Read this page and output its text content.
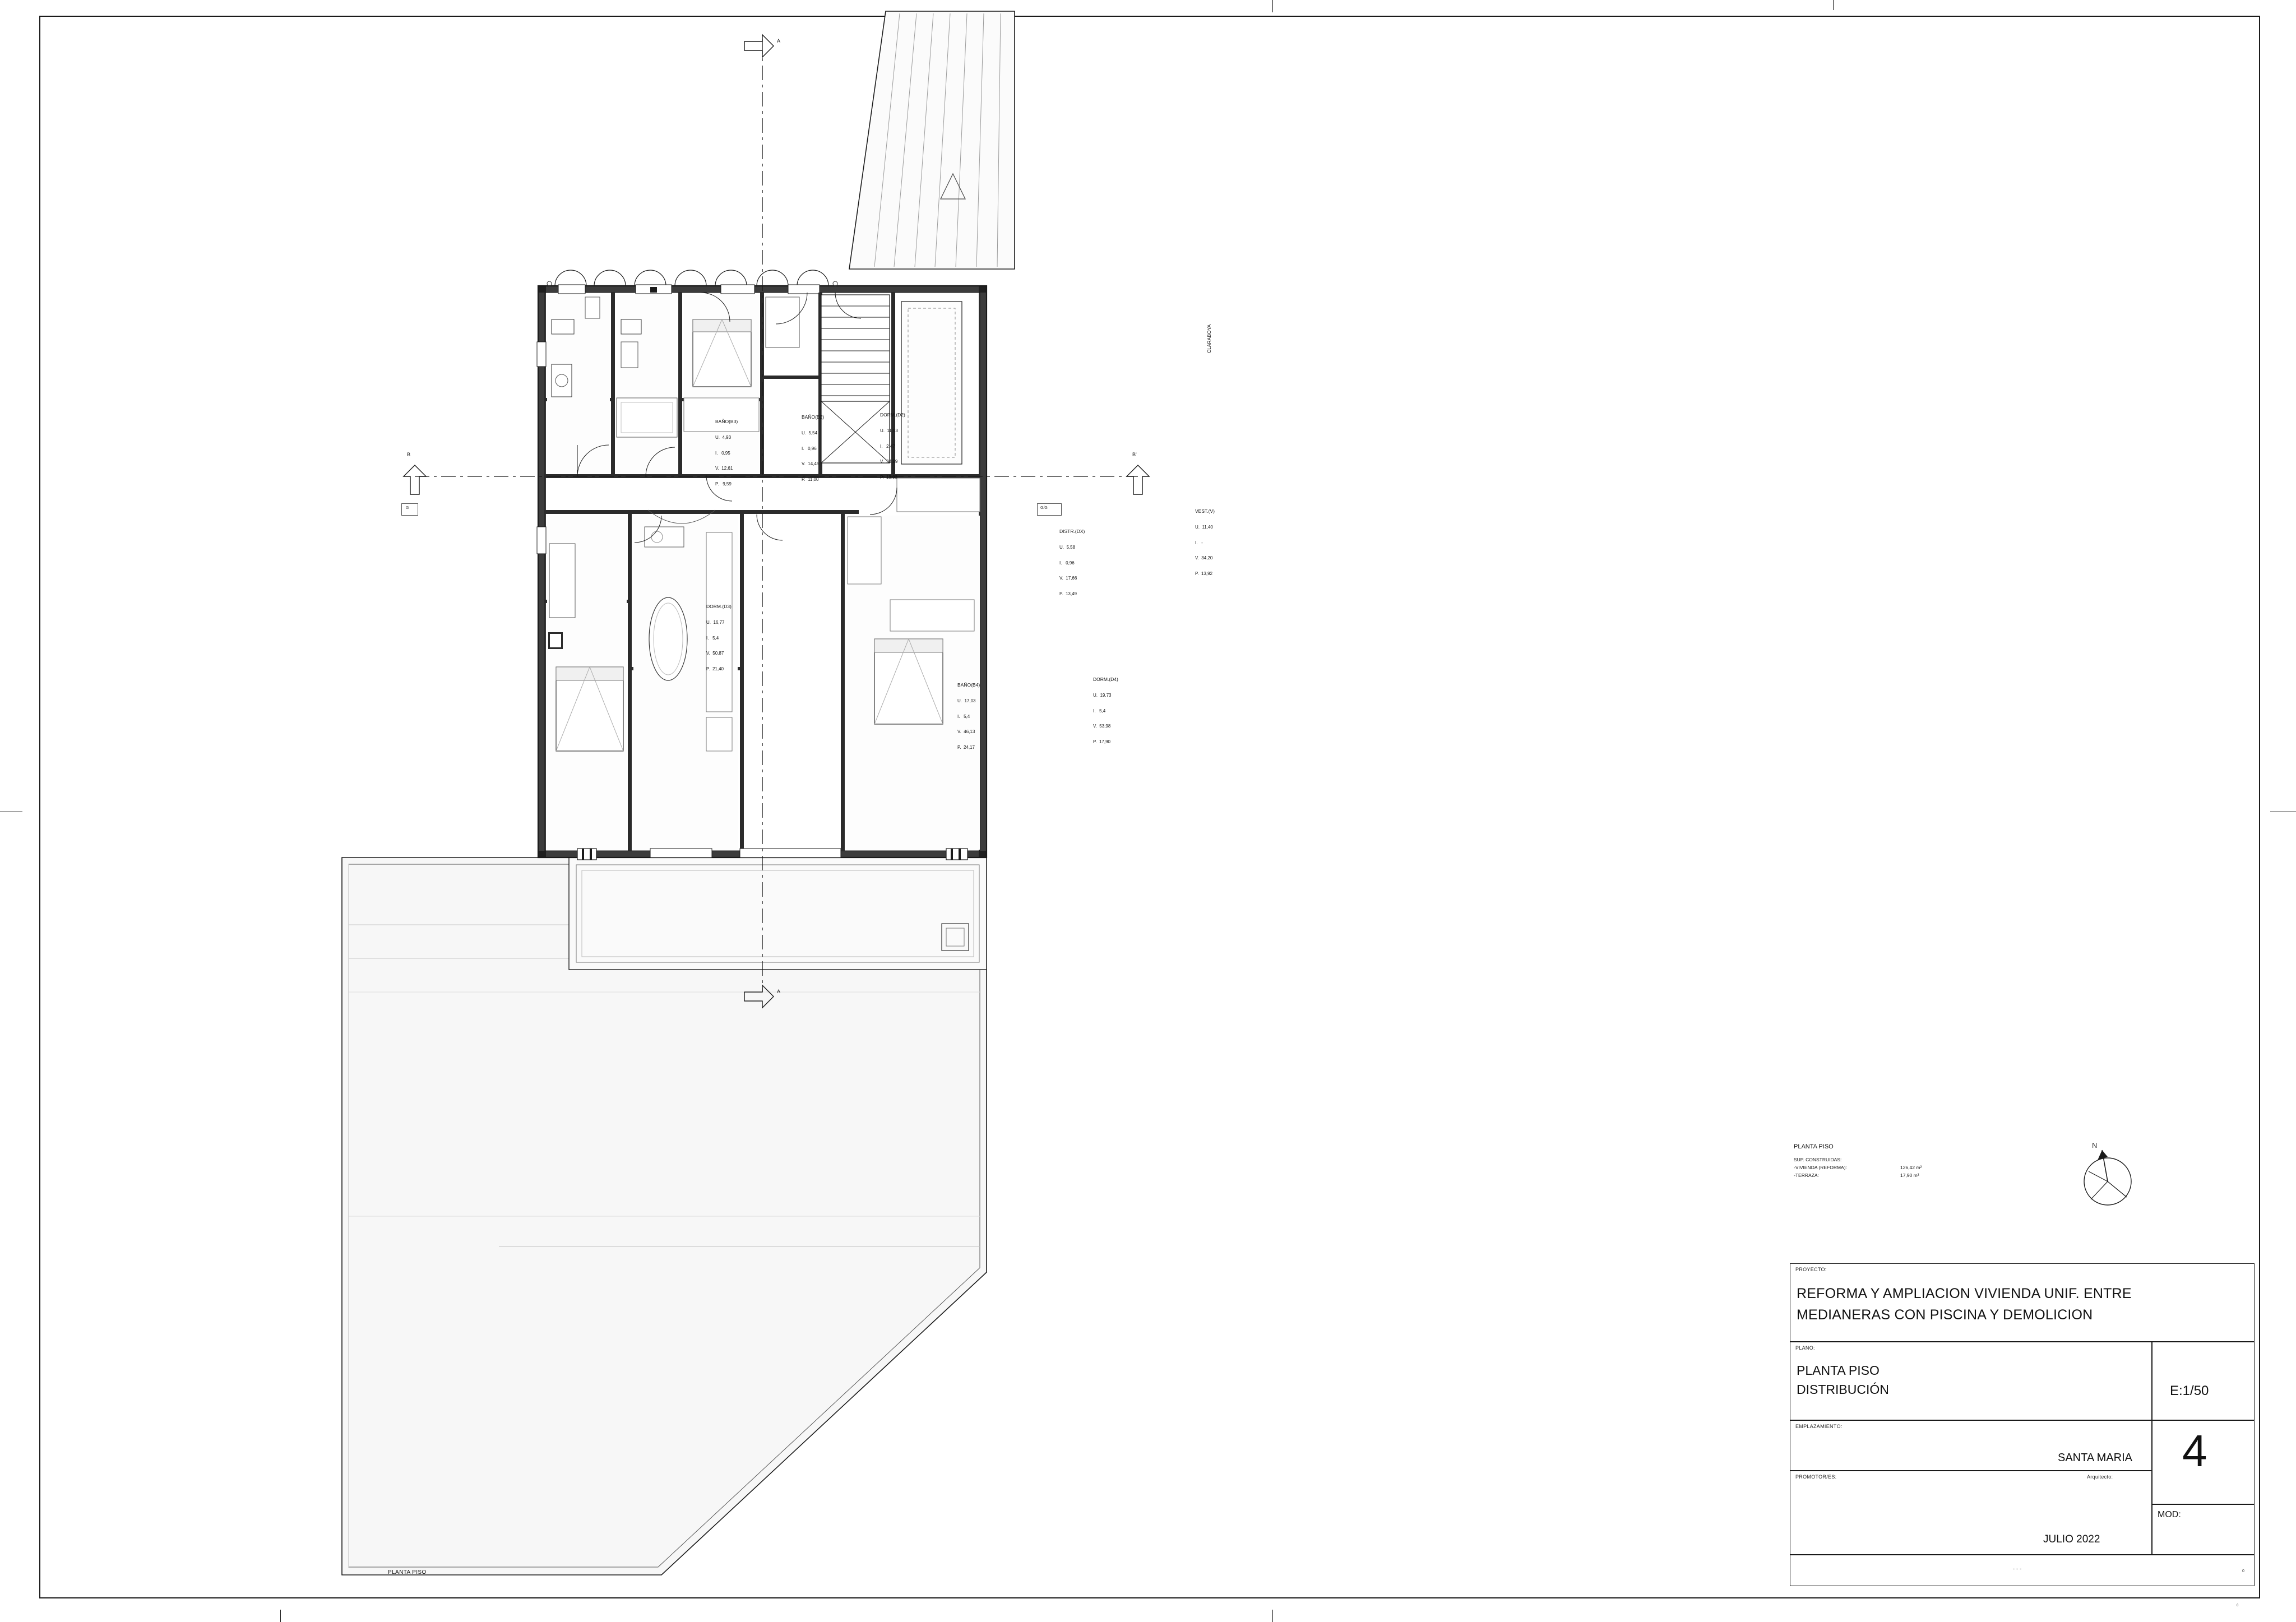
A
A
B	B'
G	G/G

BAÑO(B3)

U.  4,93

I.   0,95

V.  12,61

P.   9,59

BAÑO(B2)

U.  5,54

I.   0,96

V.  14,45

P.  11,00

DORM.(D2)

U.  11,53

I.   2,47

V.  34,59

P.  13,93

DISTR.(DX)

U.  5,58

I.   0,96

V.  17,66

P.  13,49

VEST.(V)

U.  11,40

I.   -

V.  34,20

P.  13,92

CLARABOYA

DORM.(D3)

U.  16,77

I.   5,4

V.  50,87

P.  21,40

BAÑO(B4)

U.  17,03

I.   5,4

V.  46,13

P.  24,17

DORM.(D4)

U.  19,73

I.   5,4

V.  53,98

P.  17,90

PLANTA PISO
PLANTA PISO
SUP. CONSTRUIDAS:
-VIVIENDA (REFORMA):	126,42 m²
-TERRAZA:	17,90 m²
N
PROYECTO:
REFORMA Y AMPLIACION VIVIENDA UNIF. ENTRE
MEDIANERAS CON PISCINA Y DEMOLICION
PLANO:
PLANTA PISO
DISTRIBUCIÓN	E:1/50
EMPLAZAMIENTO:
SANTA MARIA
PROMOTOR/ES:	Arquitecto:
JULIO 2022
4
MOD:
- - -	0
0
